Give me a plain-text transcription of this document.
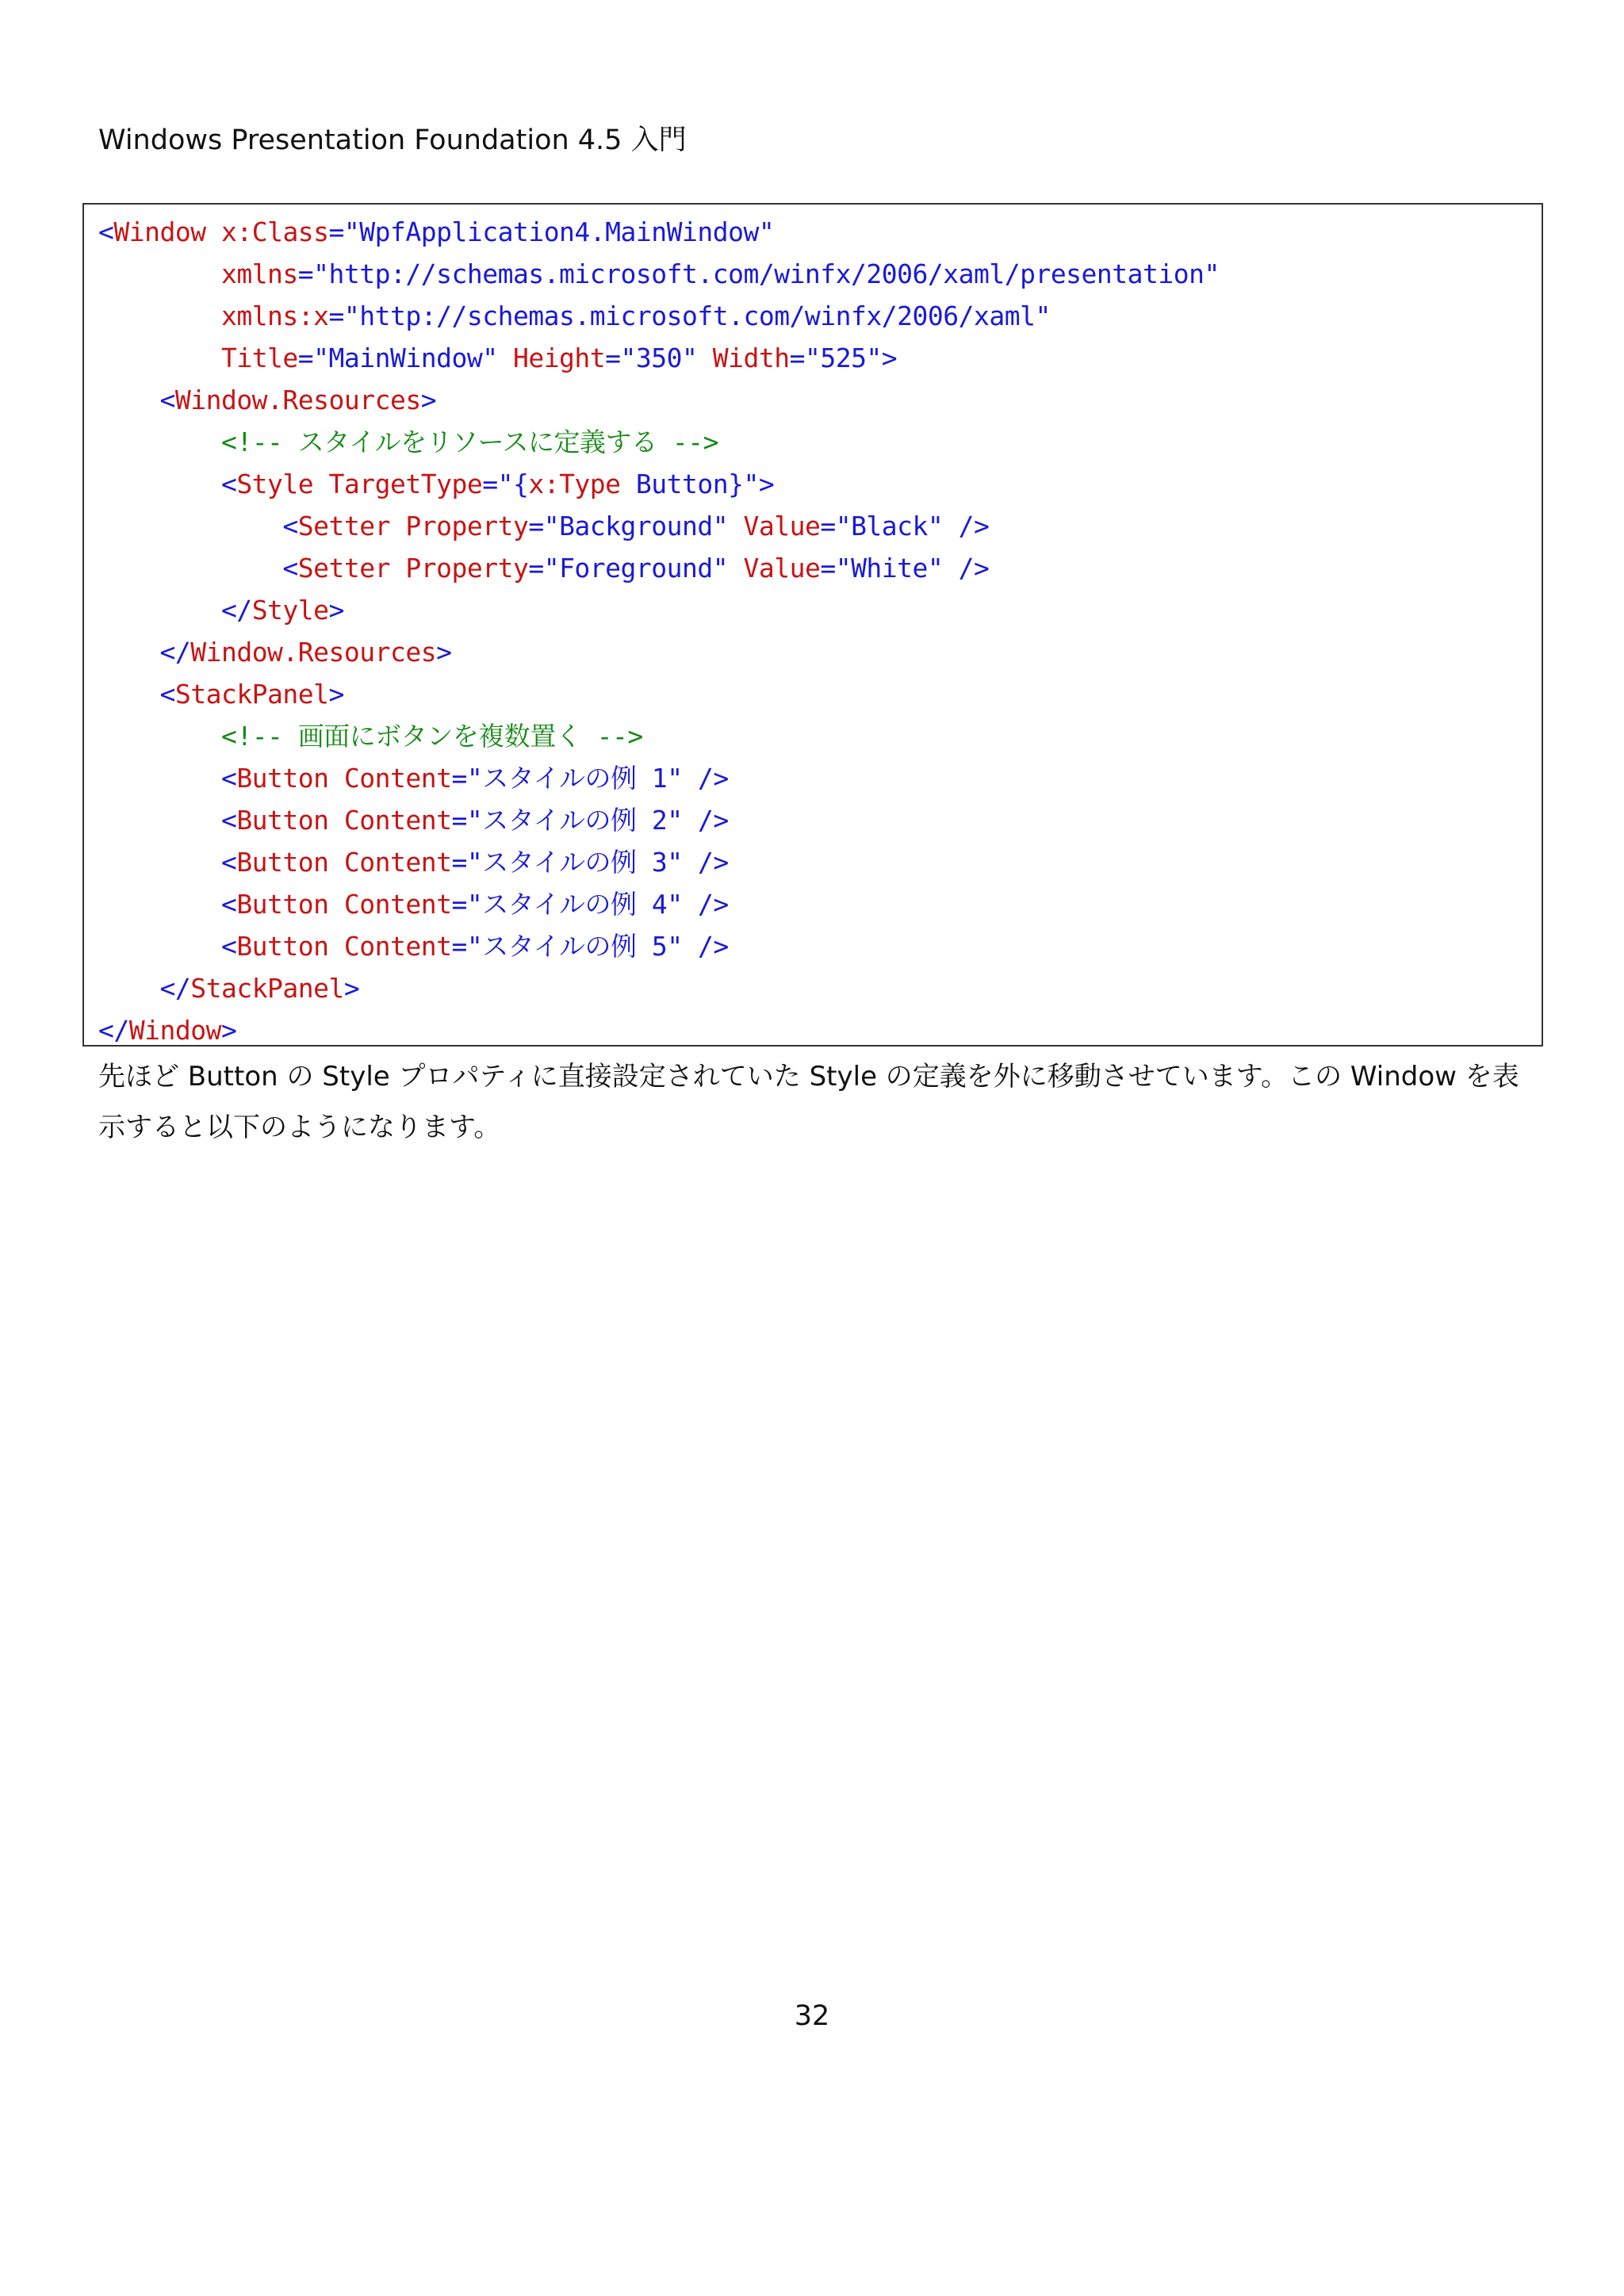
Windows Presentation Foundation 4.5 入門
<Window x:Class="WpfApplication4.MainWindow"
xmlns="http://schemas.microsoft.com/winfx/2006/xaml/presentation"
xmlns:x="http://schemas.microsoft.com/winfx/2006/xaml"
Title="MainWindow" Height="350" Width="525">
<Window.Resources>
<!-- スタイルをリソースに定義する -->
<Style TargetType="{x:Type Button}">
<Setter Property="Background" Value="Black" />
<Setter Property="Foreground" Value="White" />
</Style>
</Window.Resources>
<StackPanel>
<!-- 画面にボタンを複数置く -->
<Button Content="スタイルの例 1" />
<Button Content="スタイルの例 2" />
<Button Content="スタイルの例 3" />
<Button Content="スタイルの例 4" />
<Button Content="スタイルの例 5" />
</StackPanel>
</Window>
先ほど Button の Style プロパティに直接設定されていた Style の定義を外に移動させています。この Window を表示すると以下のようになります。
32
